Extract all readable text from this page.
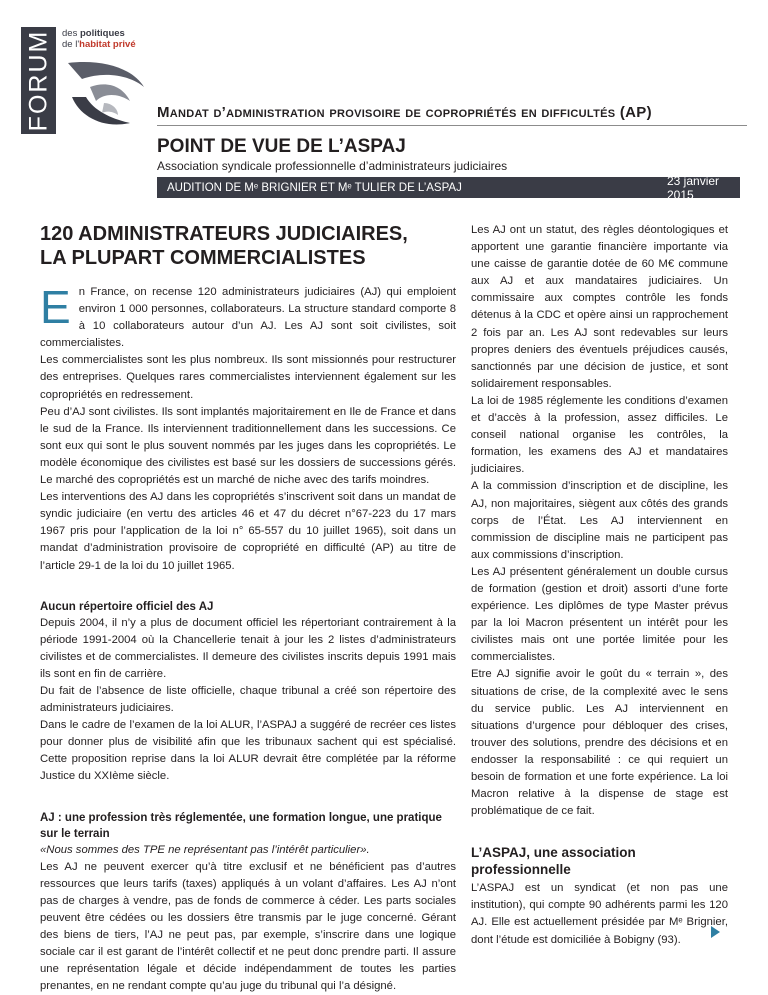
FORUM des politiques
de l'habitat privé
Mandat d’administration provisoire de copropriétés en difficultés (AP)
POINT DE VUE DE L’ASPAJ
Association syndicale professionnelle d’administrateurs judiciaires
AUDITION DE Mᵉ BRIGNIER ET Mᵉ TULIER DE L’ASPAJ	23 janvier 2015
120 ADMINISTRATEURS JUDICIAIRES,
LA PLUPART COMMERCIALISTES

En France, on recense 120 administrateurs judiciaires (AJ) qui emploient environ 1 000 personnes, collaborateurs. La structure standard comporte 8 à 10 collaborateurs autour d’un AJ. Les AJ sont soit civilistes, soit commercialistes.

Les commercialistes sont les plus nombreux. Ils sont missionnés pour restructurer des entreprises. Quelques rares commercialistes interviennent également sur les copropriétés en redressement.

Peu d’AJ sont civilistes. Ils sont implantés majoritairement en Ile de France et dans le sud de la France. Ils interviennent traditionnellement dans les successions. Ce sont eux qui sont le plus souvent nommés par les juges dans les copropriétés. Le modèle économique des civilistes est basé sur les dossiers de successions gérés. Le marché des copropriétés est un marché de niche avec des tarifs moindres.

Les interventions des AJ dans les copropriétés s’inscrivent soit dans un mandat de syndic judiciaire (en vertu des articles 46 et 47 du décret n°67-223 du 17 mars 1967 pris pour l’application de la loi n° 65-557 du 10 juillet 1965), soit dans un mandat d’administration provisoire de copropriété en difficulté (AP) au titre de l’article 29-1 de la loi du 10 juillet 1965.

Aucun répertoire officiel des AJ

Depuis 2004, il n’y a plus de document officiel les répertoriant contrairement à la période 1991-2004 où la Chancellerie tenait à jour les 2 listes d’administrateurs civilistes et de commercialistes. Il demeure des civilistes inscrits depuis 1991 mais ils sont en fin de carrière.

Du fait de l’absence de liste officielle, chaque tribunal a créé son répertoire des administrateurs judiciaires.

Dans le cadre de l’examen de la loi ALUR, l’ASPAJ a suggéré de recréer ces listes pour donner plus de visibilité afin que les tribunaux sachent qui est spécialisé. Cette proposition reprise dans la loi ALUR devrait être complétée par la réforme Justice du XXIème siècle.

AJ : une profession très réglementée, une formation longue, une pratique sur le terrain

«Nous sommes des TPE ne représentant pas l’intérêt particulier».

Les AJ ne peuvent exercer qu’à titre exclusif et ne bénéficient pas d’autres ressources que leurs tarifs (taxes) appliqués à un volant d’affaires. Les AJ n’ont pas de charges à vendre, pas de fonds de commerce à céder. Les parts sociales peuvent être cédées ou les dossiers être transmis par le juge concerné. Gérant des biens de tiers, l’AJ ne peut pas, par exemple, s’inscrire dans une logique sociale car il est garant de l’intérêt collectif et ne peut donc prendre parti. Il assure une représentation légale et décide indépendamment de toutes les parties prenantes, en ne rendant compte qu’au juge du tribunal qui l’a désigné.

Les AJ ont un statut, des règles déontologiques et apportent une garantie financière importante via une caisse de garantie dotée de 60 M€ commune aux AJ et aux mandataires judiciaires. Un commissaire aux comptes contrôle les fonds détenus à la CDC et opère ainsi un rapprochement 2 fois par an. Les AJ sont redevables sur leurs propres deniers des éventuels préjudices causés, sanctionnés par une décision de justice, et sont solidairement responsables.

La loi de 1985 réglemente les conditions d’examen et d’accès à la profession, assez difficiles. Le conseil national organise les contrôles, la formation, les examens des AJ et mandataires judiciaires.

A la commission d’inscription et de discipline, les AJ, non majoritaires, siègent aux côtés des grands corps de l’État. Les AJ interviennent en commission de discipline mais ne participent pas aux commissions d’inscription.

Les AJ présentent généralement un double cursus de formation (gestion et droit) assorti d’une forte expérience. Les diplômes de type Master prévus par la loi Macron présentent un intérêt pour les civilistes mais ont une portée limitée pour les commercialistes.

Etre AJ signifie avoir le goût du « terrain », des situations de crise, de la complexité avec le sens du service public. Les AJ interviennent en situations d’urgence pour débloquer des crises, trouver des solutions, prendre des décisions et en endosser la responsabilité : ce qui requiert un besoin de formation et une forte expérience. La loi Macron relative à la dispense de stage est problématique de ce fait.

L’ASPAJ, une association professionnelle

L’ASPAJ est un syndicat (et non pas une institution), qui compte 90 adhérents parmi les 120 AJ. Elle est actuellement présidée par Mᵉ Brignier, dont l’étude est domiciliée à Bobigny (93).
